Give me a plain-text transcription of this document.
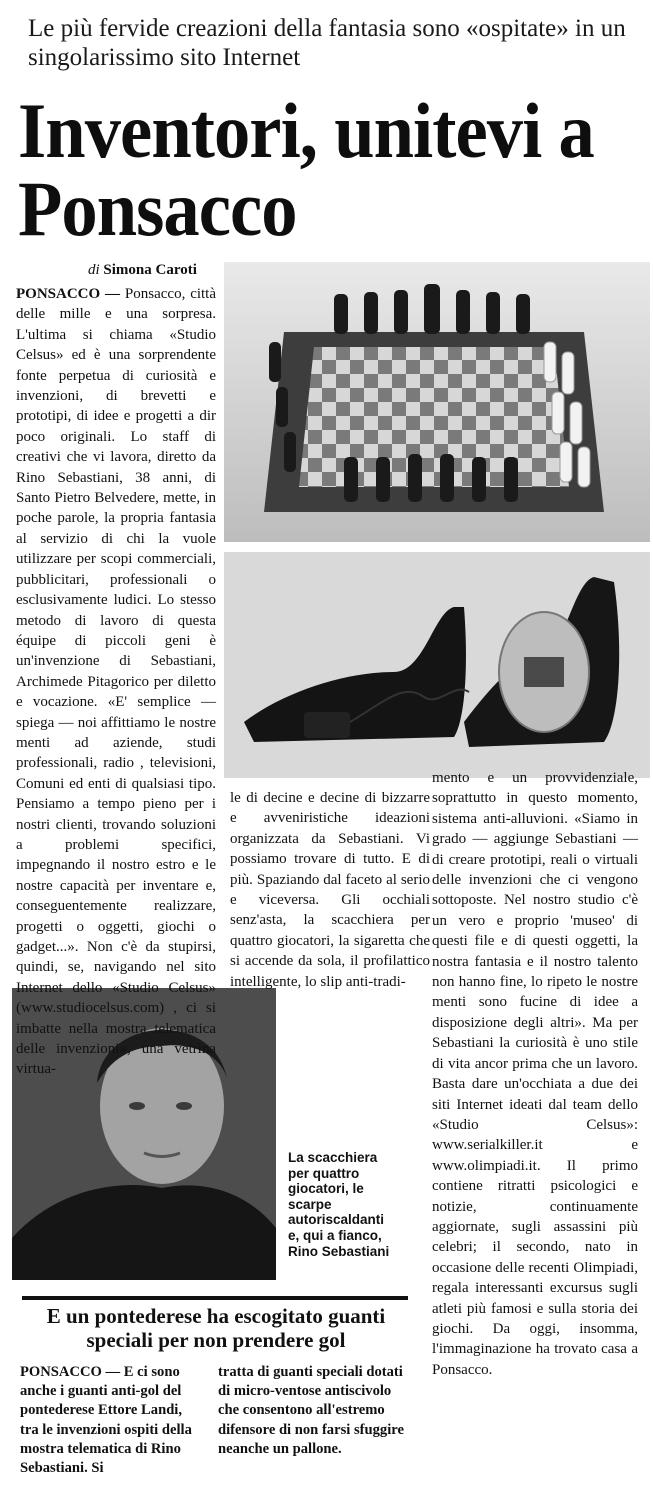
Le più fervide creazioni della fantasia sono «ospitate» in un singolarissimo sito Internet
Inventori, unitevi a Ponsacco
di Simona Caroti
PONSACCO — Ponsacco, città delle mille e una sorpresa. L'ultima si chiama «Studio Celsus» ed è una sorprendente fonte perpetua di curiosità e invenzioni, di brevetti e prototipi, di idee e progetti a dir poco originali. Lo staff di creativi che vi lavora, diretto da Rino Sebastiani, 38 anni, di Santo Pietro Belvedere, mette, in poche parole, la propria fantasia al servizio di chi la vuole utilizzare per scopi commerciali, pubblicitari, professionali o esclusivamente ludici. Lo stesso metodo di lavoro di questa équipe di piccoli geni è un'invenzione di Sebastiani, Archimede Pitagorico per diletto e vocazione. «E' semplice — spiega — noi affittiamo le nostre menti ad aziende, studi professionali, radio , televisioni, Comuni ed enti di qualsiasi tipo. Pensiamo a tempo pieno per i nostri clienti, trovando soluzioni a problemi specifici, impegnando il nostro estro e le nostre capacità per inventare e, conseguentemente realizzare, progetti o oggetti, giochi o gadget...». Non c'è da stupirsi, quindi, se, navigando nel sito Internet dello «Studio Celsus» (www.studiocelsus.com) , ci si imbatte nella mostra telematica delle invenzioni», una vetrina virtua-
le di decine e decine di bizzarre e avveniristiche ideazioni organizzata da Sebastiani. Vi possiamo trovare di tutto. E di più. Spaziando dal faceto al serio e viceversa. Gli occhiali senz'asta, la scacchiera per quattro giocatori, la sigaretta che si accende da sola, il profilattico intelligente, lo slip anti-tradi-
mento e un provvidenziale, soprattutto in questo momento, sistema anti-alluvioni. «Siamo in grado — aggiunge Sebastiani — di creare prototipi, reali o virtuali delle invenzioni che ci vengono sottoposte. Nel nostro studio c'è un vero e proprio 'museo' di questi file e di questi oggetti, la nostra fantasia e il nostro talento non hanno fine, lo ripeto le nostre menti sono fucine di idee a disposizione degli altri». Ma per Sebastiani la curiosità è uno stile di vita ancor prima che un lavoro. Basta dare un'occhiata a due dei siti Internet ideati dal team dello «Studio Celsus»: www.serialkiller.it e www.olimpiadi.it. Il primo contiene ritratti psicologici e notizie, continuamente aggiornate, sugli assassini più celebri; il secondo, nato in occasione delle recenti Olimpiadi, regala interessanti excursus sugli atleti più famosi e sulla storia dei giochi. Da oggi, insomma, l'immaginazione ha trovato casa a Ponsacco.
La scacchiera per quattro giocatori, le scarpe autoriscaldanti e, qui a fianco, Rino Sebastiani
E un pontederese ha escogitato guanti speciali per non prendere gol
PONSACCO — E ci sono anche i guanti anti-gol del pontederese Ettore Landi, tra le invenzioni ospiti della mostra telematica di Rino Sebastiani. Si
tratta di guanti speciali dotati di micro-ventose antiscivolo che consentono all'estremo difensore di non farsi sfuggire neanche un pallone.
